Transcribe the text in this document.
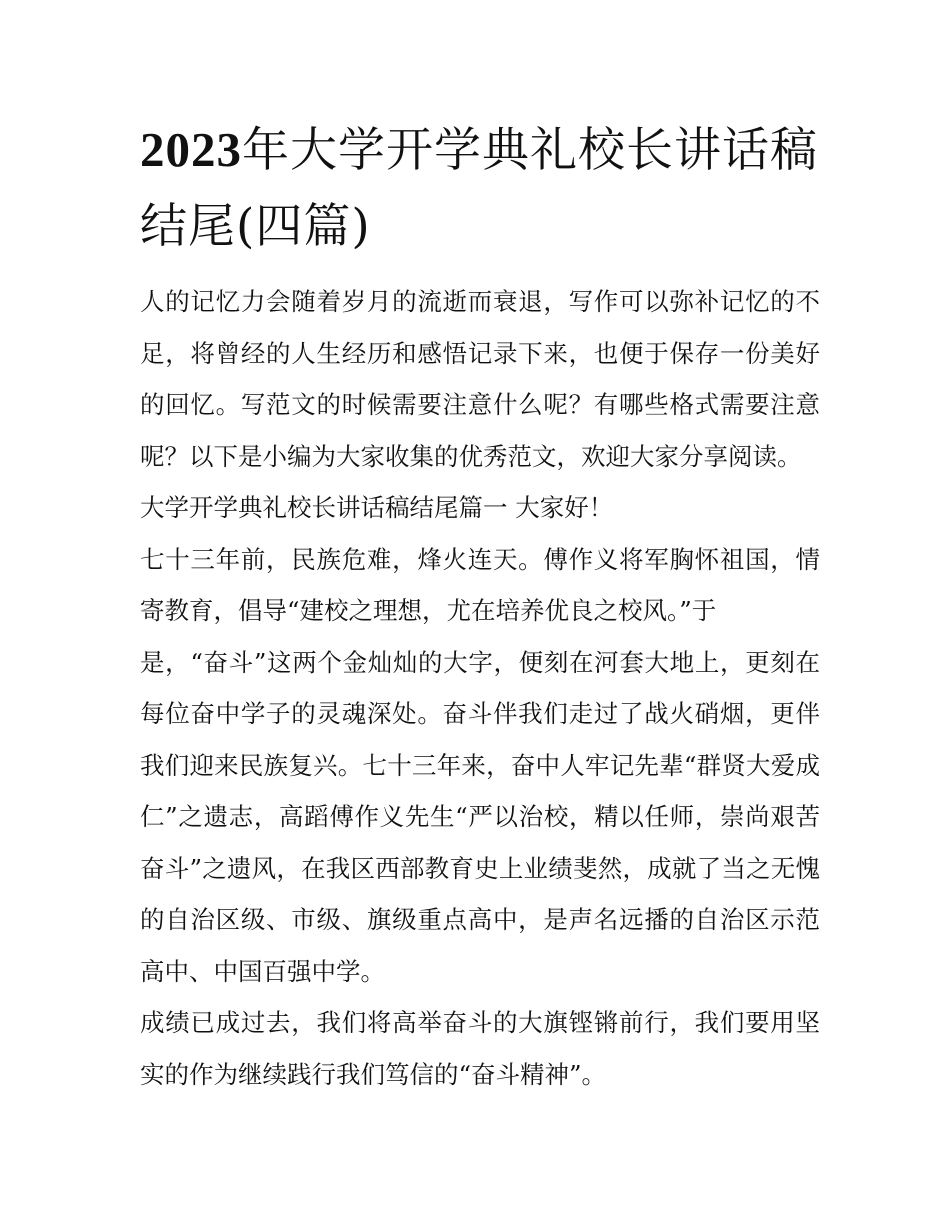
2023年大学开学典礼校长讲话稿结尾(四篇)

人的记忆力会随着岁月的流逝而衰退，写作可以弥补记忆的不足，将曾经的人生经历和感悟记录下来，也便于保存一份美好的回忆。写范文的时候需要注意什么呢？有哪些格式需要注意呢？以下是小编为大家收集的优秀范文，欢迎大家分享阅读。

大学开学典礼校长讲话稿结尾篇一 大家好！

七十三年前，民族危难，烽火连天。傅作义将军胸怀祖国，情寄教育，倡导“建校之理想，尤在培养优良之校风。”于

是，“奋斗”这两个金灿灿的大字，便刻在河套大地上，更刻在每位奋中学子的灵魂深处。奋斗伴我们走过了战火硝烟，更伴我们迎来民族复兴。七十三年来，奋中人牢记先辈“群贤大爱成仁”之遗志，高蹈傅作义先生“严以治校，精以任师，崇尚艰苦奋斗”之遗风，在我区西部教育史上业绩斐然，成就了当之无愧的自治区级、市级、旗级重点高中，是声名远播的自治区示范高中、中国百强中学。

成绩已成过去，我们将高举奋斗的大旗铿锵前行，我们要用坚实的作为继续践行我们笃信的“奋斗精神”。
